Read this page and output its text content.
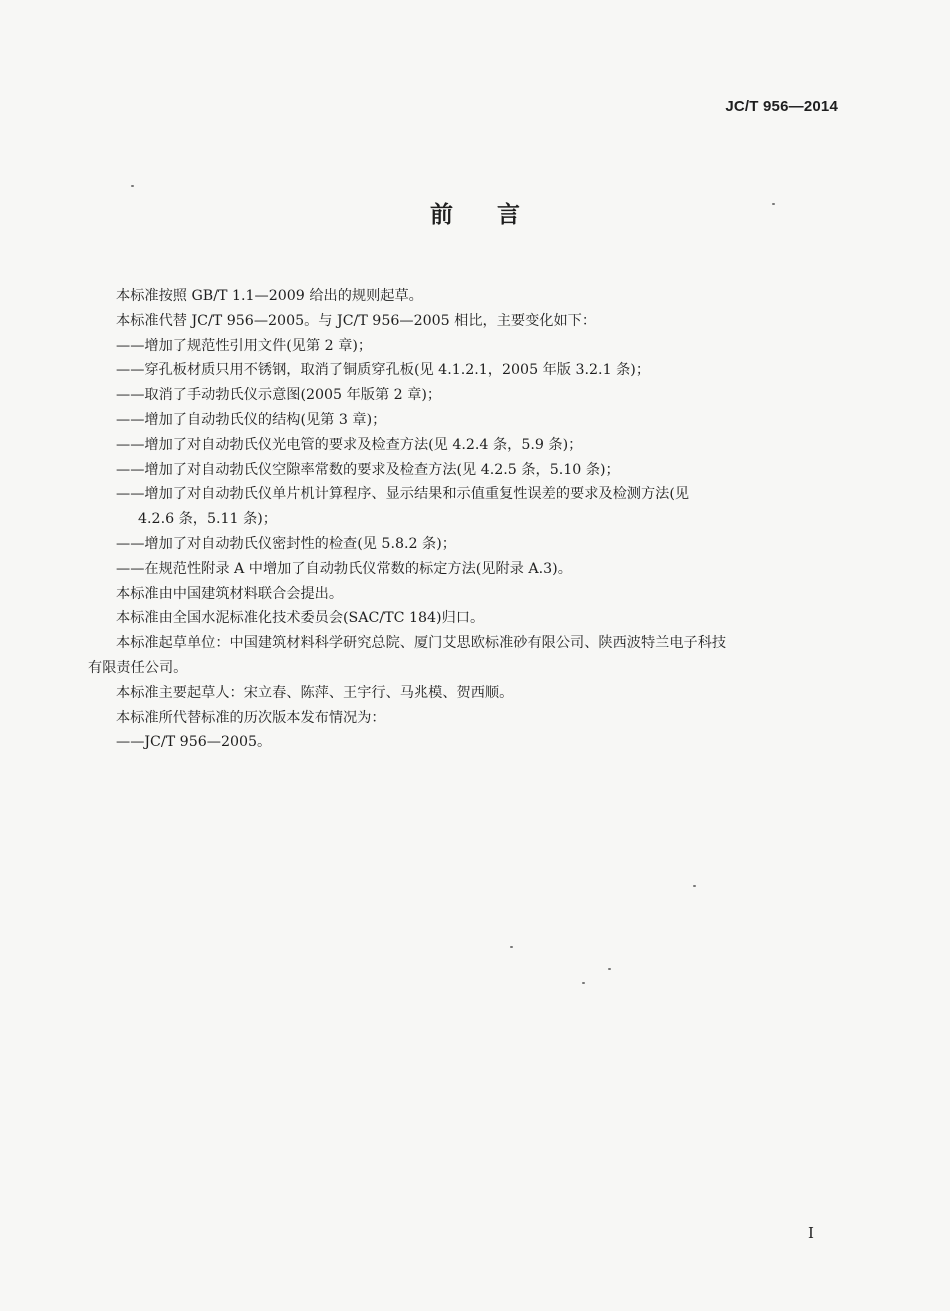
JC/T 956—2014
前言
本标准按照 GB/T 1.1—2009 给出的规则起草。
本标准代替 JC/T 956—2005。与 JC/T 956—2005 相比，主要变化如下：
——增加了规范性引用文件(见第 2 章)；
——穿孔板材质只用不锈钢，取消了铜质穿孔板(见 4.1.2.1，2005 年版 3.2.1 条)；
——取消了手动勃氏仪示意图(2005 年版第 2 章)；
——增加了自动勃氏仪的结构(见第 3 章)；
——增加了对自动勃氏仪光电管的要求及检查方法(见 4.2.4 条，5.9 条)；
——增加了对自动勃氏仪空隙率常数的要求及检查方法(见 4.2.5 条，5.10 条)；
——增加了对自动勃氏仪单片机计算程序、显示结果和示值重复性误差的要求及检测方法(见
4.2.6 条，5.11 条)；
——增加了对自动勃氏仪密封性的检查(见 5.8.2 条)；
——在规范性附录 A 中增加了自动勃氏仪常数的标定方法(见附录 A.3)。
本标准由中国建筑材料联合会提出。
本标准由全国水泥标准化技术委员会(SAC/TC 184)归口。
本标准起草单位：中国建筑材料科学研究总院、厦门艾思欧标准砂有限公司、陕西波特兰电子科技
有限责任公司。
本标准主要起草人：宋立春、陈萍、王宇行、马兆模、贺西顺。
本标准所代替标准的历次版本发布情况为：
——JC/T 956—2005。
I
